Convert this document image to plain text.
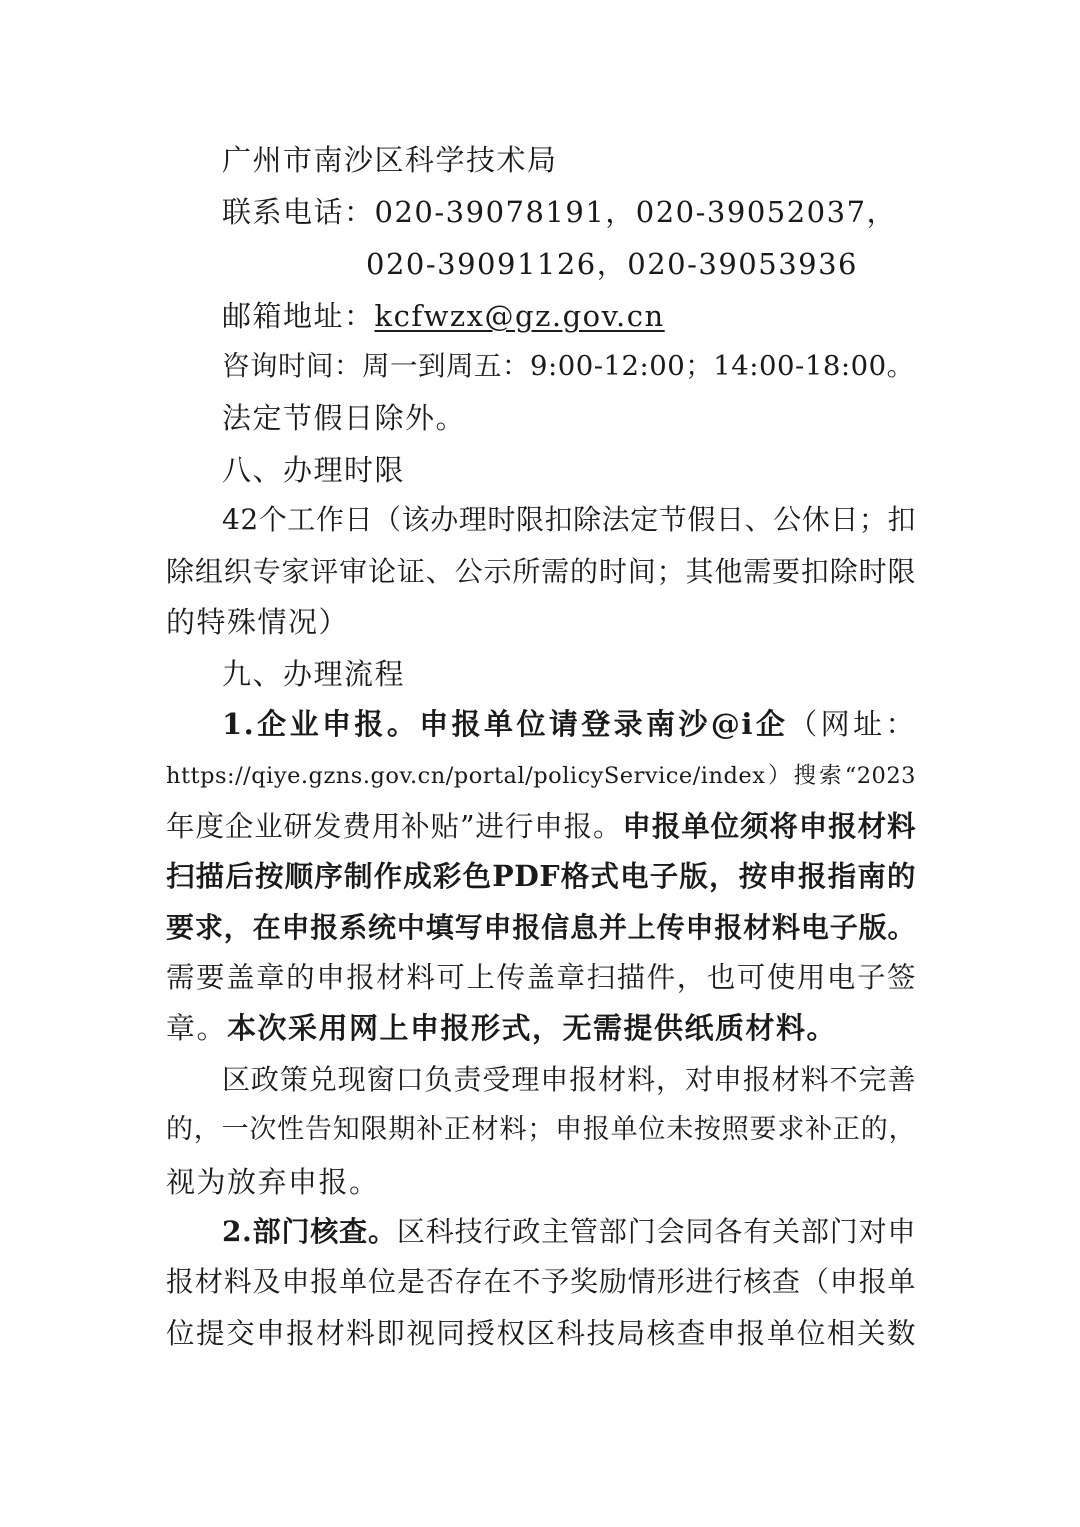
广州市南沙区科学技术局
联系电话：020-39078191，020-39052037，
020-39091126，020-39053936
邮箱地址：kcfwzx@gz.gov.cn
咨询时间：周一到周五：9:00-12:00；14:00-18:00。
法定节假日除外。
八、办理时限
42个工作日（该办理时限扣除法定节假日、公休日；扣
除组织专家评审论证、公示所需的时间；其他需要扣除时限
的特殊情况）
九、办理流程
1.企业申报。申报单位请登录南沙@i企（网址：
https://qiye.gzns.gov.cn/portal/policyService/index）搜索“2023
年度企业研发费用补贴”进行申报。申报单位须将申报材料
扫描后按顺序制作成彩色PDF格式电子版，按申报指南的
要求，在申报系统中填写申报信息并上传申报材料电子版。
需要盖章的申报材料可上传盖章扫描件，也可使用电子签
章。本次采用网上申报形式，无需提供纸质材料。
区政策兑现窗口负责受理申报材料，对申报材料不完善
的，一次性告知限期补正材料；申报单位未按照要求补正的，
视为放弃申报。
2.部门核查。区科技行政主管部门会同各有关部门对申
报材料及申报单位是否存在不予奖励情形进行核查（申报单
位提交申报材料即视同授权区科技局核查申报单位相关数
